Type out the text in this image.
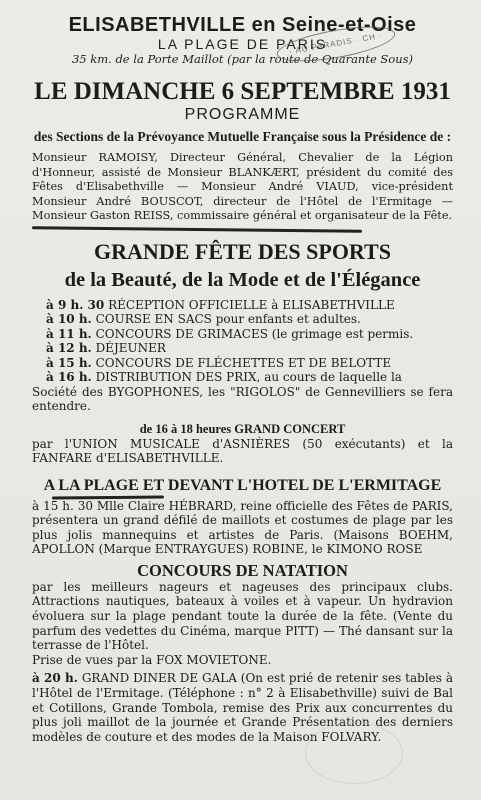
ELISABETHVILLE en Seine-et-Oise
LA PLAGE DE PARIS
· AU PARADIS · CH ·
35 km. de la Porte Maillot (par la route de Quarante Sous)
LE DIMANCHE 6 SEPTEMBRE 1931
PROGRAMME
des Sections de la Prévoyance Mutuelle Française sous la Présidence de :
Monsieur RAMOISY, Directeur Général, Chevalier de la Légion d'Honneur, assisté de Monsieur BLANKÆRT, président du comité des Fêtes d'Elisabethville — Monsieur André VIAUD, vice-président Monsieur André BOUSCOT, directeur de l'Hôtel de l'Ermitage — Monsieur Gaston REISS, commissaire général et organisateur de la Fête.
GRANDE FÊTE DES SPORTS
de la Beauté, de la Mode et de l'Élégance
à 9 h. 30 RÉCEPTION OFFICIELLE à ELISABETHVILLE
à 10 h. COURSE EN SACS pour enfants et adultes.
à 11 h. CONCOURS DE GRIMACES (le grimage est permis.
à 12 h. DÉJEUNER
à 15 h. CONCOURS DE FLÉCHETTES ET DE BELOTTE
à 16 h. DISTRIBUTION DES PRIX, au cours de laquelle la
Société des BYGOPHONES, les "RIGOLOS" de Gennevilliers se fera entendre.
de 16 à 18 heures GRAND CONCERT
par l'UNION MUSICALE d'ASNIÈRES (50 exécutants) et la FANFARE d'ELISABETHVILLE.
A LA PLAGE ET DEVANT L'HOTEL DE L'ERMITAGE
à 15 h. 30 Mlle Claire HÉBRARD, reine officielle des Fêtes de PARIS, présentera un grand défilé de maillots et costumes de plage par les plus jolis mannequins et artistes de Paris. (Maisons BOEHM, APOLLON (Marque ENTRAYGUES) ROBINE, le KIMONO ROSE
CONCOURS DE NATATION
par les meilleurs nageurs et nageuses des principaux clubs. Attractions nautiques, bateaux à voiles et à vapeur. Un hydravion évoluera sur la plage pendant toute la durée de la fête. (Vente du parfum des vedettes du Cinéma, marque PITT) — Thé dansant sur la terrasse de l'Hôtel.
Prise de vues par la FOX MOVIETONE.
à 20 h. GRAND DINER DE GALA (On est prié de retenir ses tables à l'Hôtel de l'Ermitage. (Téléphone : n° 2 à Elisabethville) suivi de Bal et Cotillons, Grande Tombola, remise des Prix aux concurrentes du plus joli maillot de la journée et Grande Présentation des derniers modèles de couture et des modes de la Maison FOLVARY.
